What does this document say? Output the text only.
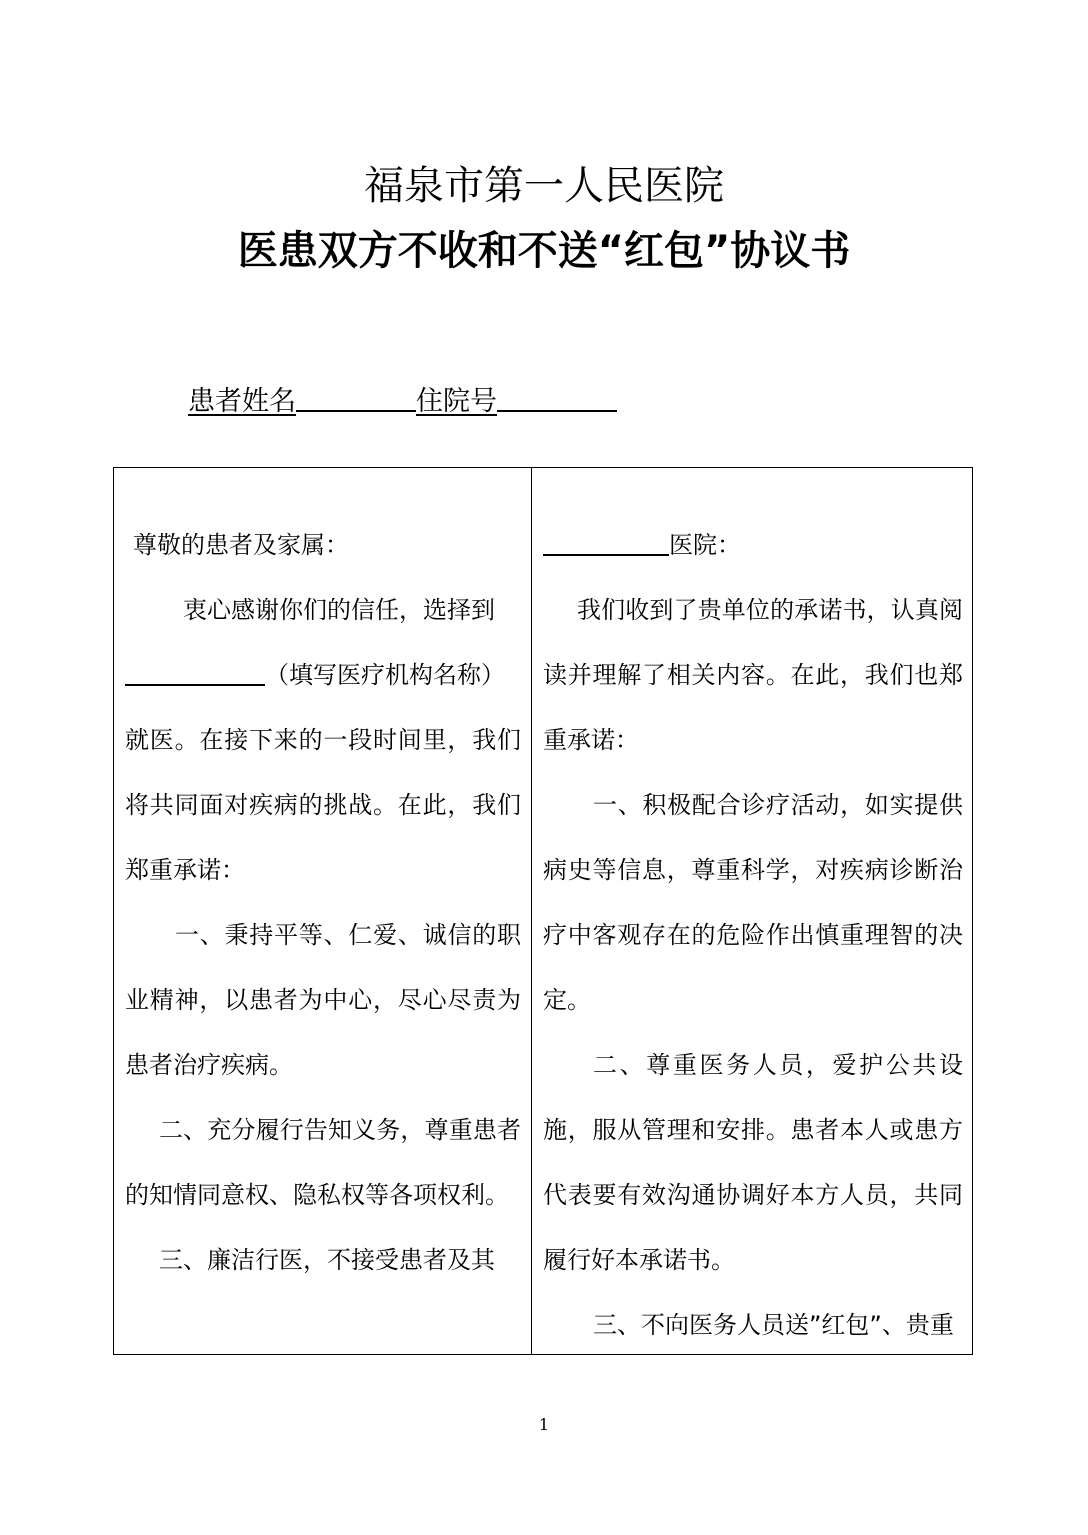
福泉市第一人民医院
医患双方不收和不送“红包”协议书
患者姓名	住院号

尊敬的患者及家属：

衷心感谢你们的信任，选择到

（填写医疗机构名称）

就医。在接下来的一段时间里，我们将共同面对疾病的挑战。在此，我们郑重承诺：

一、秉持平等、仁爱、诚信的职业精神，以患者为中心，尽心尽责为患者治疗疾病。

二、充分履行告知义务，尊重患者的知情同意权、隐私权等各项权利。

三、廉洁行医，不接受患者及其

医院：

我们收到了贵单位的承诺书，认真阅读并理解了相关内容。在此，我们也郑重承诺：

一、积极配合诊疗活动，如实提供病史等信息，尊重科学，对疾病诊断治疗中客观存在的危险作出慎重理智的决定。

二、尊重医务人员，爱护公共设施，服从管理和安排。患者本人或患方代表要有效沟通协调好本方人员，共同履行好本承诺书。

三、不向医务人员送”红包”、贵重

1
